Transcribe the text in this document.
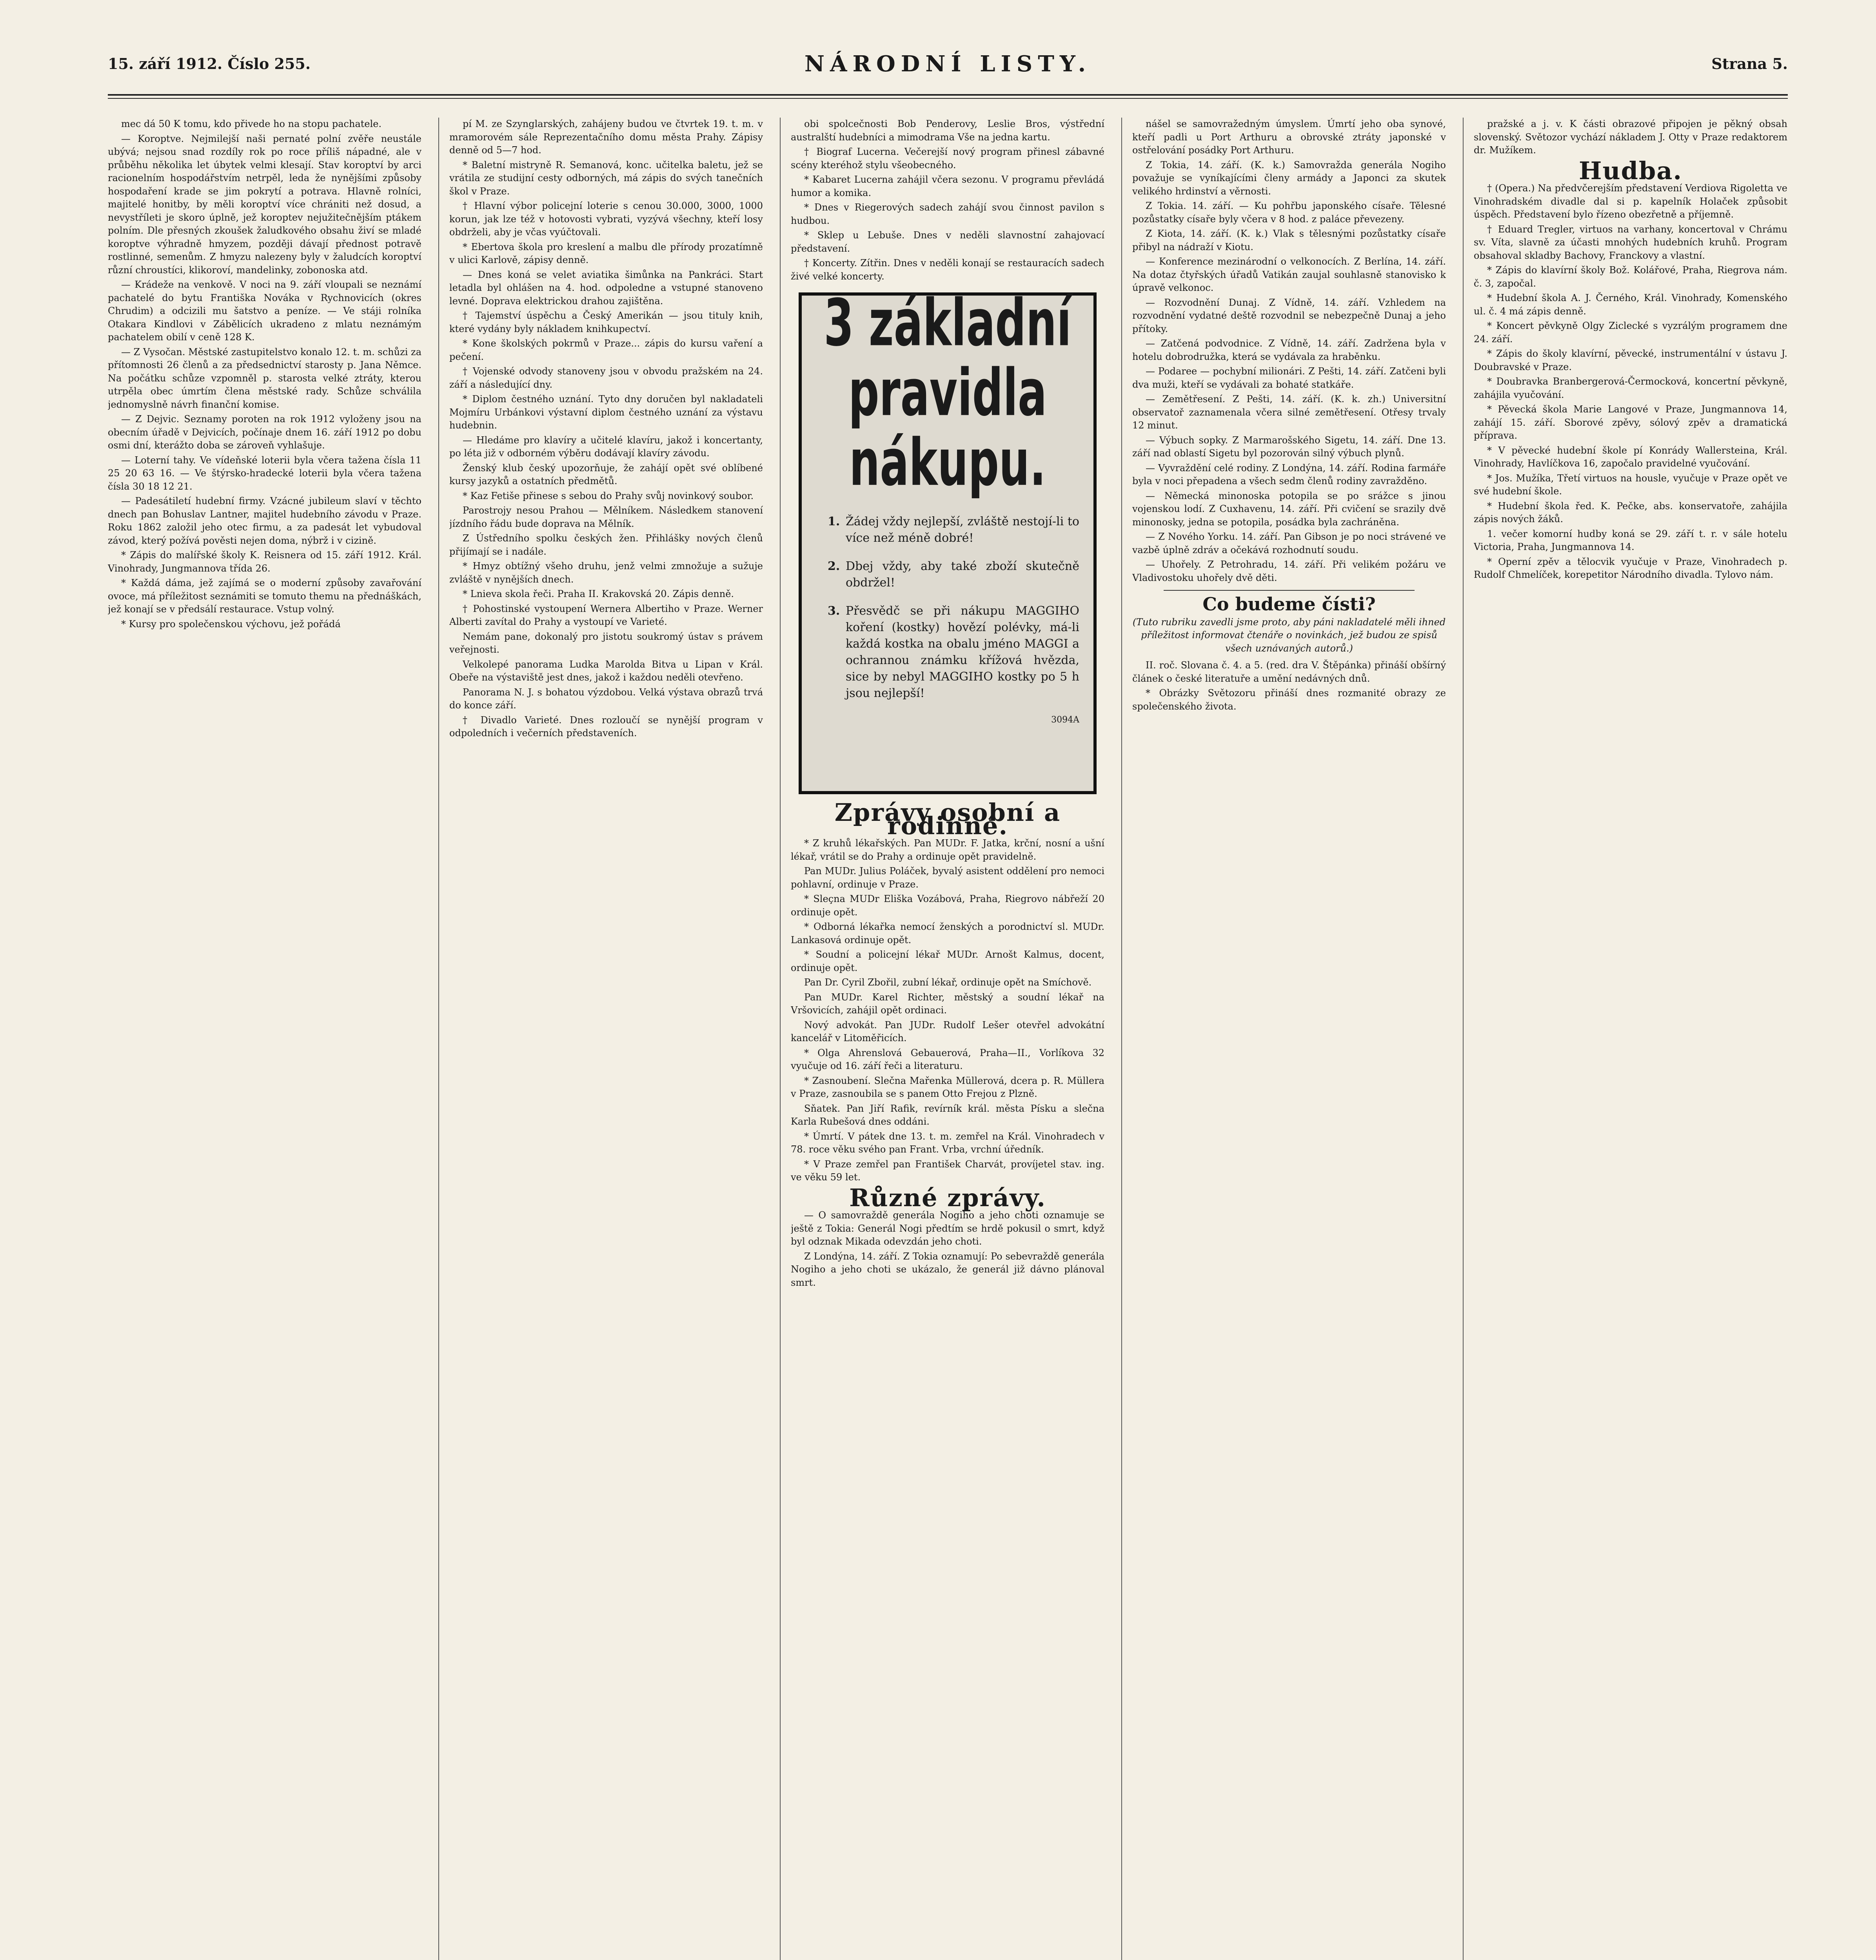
15. září 1912. Číslo 255.	NÁRODNÍ LISTY.	Strana 5.

mec dá 50 K tomu, kdo přivede ho na stopu pachatele.

— Koroptve. Nejmilejší naši pernaté polní zvěře neustále ubývá; nejsou snad rozdíly rok po roce příliš nápadné, ale v průběhu několika let úbytek velmi klesají. Stav koroptví by arci racionelním hospodářstvím netrpěl, leda že nynějšími způsoby hospodaření krade se jim pokrytí a potrava. Hlavně rolníci, majitelé honitby, by měli koroptví více chrániti než dosud, a nevystříleti je skoro úplně, jež koroptev nejužitečnějším ptákem polním. Dle přesných zkoušek žaludkového obsahu živí se mladé koroptve výhradně hmyzem, později dávají přednost potravě rostlinné, semenům. Z hmyzu nalezeny byly v žaludcích koroptví různí chroustíci, klikoroví, mandelinky, zobonoska atd.

— Krádeže na venkově. V noci na 9. září vloupali se neznámí pachatelé do bytu Františka Nováka v Rychnovicích (okres Chrudim) a odcizili mu šatstvo a peníze. — Ve stáji rolníka Otakara Kindlovi v Zábělicích ukradeno z mlatu neznámým pachatelem obilí v ceně 128 K.

— Z Vysočan. Městské zastupitelstvo konalo 12. t. m. schůzi za přítomnosti 26 členů a za předsednictví starosty p. Jana Němce. Na počátku schůze vzpomněl p. starosta velké ztráty, kterou utrpěla obec úmrtím člena městské rady. Schůze schválila jednomyslně návrh finanční komise.

— Z Dejvic. Seznamy poroten na rok 1912 vyloženy jsou na obecním úřadě v Dejvicích, počínaje dnem 16. září 1912 po dobu osmi dní, kterážto doba se zároveň vyhlašuje.

— Loterní tahy. Ve vídeňské loterii byla včera tažena čísla 11 25 20 63 16. — Ve štýrsko-hradecké loterii byla včera tažena čísla 30 18 12 21.

— Padesátiletí hudební firmy. Vzácné jubileum slaví v těchto dnech pan Bohuslav Lantner, majitel hudebního závodu v Praze. Roku 1862 založil jeho otec firmu, a za padesát let vybudoval závod, který požívá pověsti nejen doma, nýbrž i v cizině.

* Zápis do malířské školy K. Reisnera od 15. září 1912. Král. Vinohrady, Jungmannova třída 26.

* Každá dáma, jež zajímá se o moderní způsoby zavařování ovoce, má příležitost seznámiti se tomuto themu na přednáškách, jež konají se v předsálí restaurace. Vstup volný.

* Kursy pro společenskou výchovu, jež pořádá

pí M. ze Szynglarských, zahájeny budou ve čtvrtek 19. t. m. v mramorovém sále Reprezentačního domu města Prahy. Zápisy denně od 5—7 hod.

* Baletní mistryně R. Semanová, konc. učitelka baletu, jež se vrátila ze studijní cesty odborných, má zápis do svých tanečních škol v Praze.

† Hlavní výbor policejní loterie s cenou 30.000, 3000, 1000 korun, jak lze též v hotovosti vybrati, vyzývá všechny, kteří losy obdrželi, aby je včas vyúčtovali.

* Ebertova škola pro kreslení a malbu dle přírody prozatímně v ulici Karlově, zápisy denně.

— Dnes koná se velet aviatika šimůnka na Pankráci. Start letadla byl ohlášen na 4. hod. odpoledne a vstupné stanoveno levné. Doprava elektrickou drahou zajištěna.

† Tajemství úspěchu a Český Amerikán — jsou tituly knih, které vydány byly nákladem knihkupectví.

* Kone školských pokrmů v Praze... zápis do kursu vaření a pečení.

† Vojenské odvody stanoveny jsou v obvodu pražském na 24. září a následující dny.

* Diplom čestného uznání. Tyto dny doručen byl nakladateli Mojmíru Urbánkovi výstavní diplom čestného uznání za výstavu hudebnin.

— Hledáme pro klavíry a učitelé klavíru, jakož i koncertanty, po léta již v odborném výběru dodávají klavíry závodu.

Ženský klub český upozorňuje, že zahájí opět své oblíbené kursy jazyků a ostatních předmětů.

* Kaz Fetiše přinese s sebou do Prahy svůj novinkový soubor.

Parostrojy nesou Prahou — Mělníkem. Následkem stanovení jízdního řádu bude doprava na Mělník.

Z Ústředního spolku českých žen. Přihlášky nových členů přijímají se i nadále.

* Hmyz obtížný všeho druhu, jenž velmi zmnožuje a sužuje zvláště v nynějších dnech.

* Lnieva skola řeči. Praha II. Krakovská 20. Zápis denně.

† Pohostinské vystoupení Wernera Albertiho v Praze. Werner Alberti zavítal do Prahy a vystoupí ve Varieté.

Nemám pane, dokonalý pro jistotu soukromý ústav s právem veřejnosti.

Velkolepé panorama Ludka Marolda Bitva u Lipan v Král. Obeře na výstaviště jest dnes, jakož i každou neděli otevřeno.

Panorama N. J. s bohatou výzdobou. Velká výstava obrazů trvá do konce září.

† Divadlo Varieté. Dnes rozloučí se nynější program v odpoledních i večerních představeních.

obi spolcečnosti Bob Penderovy, Leslie Bros, výstřední australští hudebníci a mimodrama Vše na jedna kartu.

† Biograf Lucerna. Večerejší nový program přinesl zábavné scény kteréhož stylu všeobecného.

* Kabaret Lucerna zahájil včera sezonu. V programu převládá humor a komika.

* Dnes v Riegerových sadech zahájí svou činnost pavilon s hudbou.

* Sklep u Lebuše. Dnes v neděli slavnostní zahajovací představení.

† Koncerty. Zítřin. Dnes v neděli konají se restauracích sadech živé velké koncerty.

3 základní pravidla nákupu.
1. Žádej vždy nejlepší, zvláště nestojí-li to více než méně dobré!
2. Dbej vždy, aby také zboží skutečně obdržel!
3. Přesvědč se při nákupu MAGGIHO koření (kostky) hovězí polévky, má-li každá kostka na obalu jméno MAGGI a ochrannou známku křížová hvězda, sice by nebyl MAGGIHO kostky po 5 h jsou nejlepší!
3094A
Zprávy osobní a rodinné.

* Z kruhů lékařských. Pan MUDr. F. Jatka, krční, nosní a ušní lékař, vrátil se do Prahy a ordinuje opět pravidelně.

Pan MUDr. Julius Poláček, byvalý asistent oddělení pro nemoci pohlavní, ordinuje v Praze.

* Sleçna MUDr Eliška Vozábová, Praha, Riegrovo nábřeží 20 ordinuje opět.

* Odborná lékařka nemocí ženských a porodnictví sl. MUDr. Lankasová ordinuje opět.

* Soudní a policejní lékař MUDr. Arnošt Kalmus, docent, ordinuje opět.

Pan Dr. Cyril Zbořil, zubní lékař, ordinuje opět na Smíchově.

Pan MUDr. Karel Richter, městský a soudní lékař na Vršovicích, zahájil opět ordinaci.

Nový advokát. Pan JUDr. Rudolf Lešer otevřel advokátní kancelář v Litoměřicích.

* Olga Ahrenslová Gebauerová, Praha—II., Vorlíkova 32 vyučuje od 16. září řeči a literaturu.

* Zasnoubení. Slečna Mařenka Müllerová, dcera p. R. Müllera v Praze, zasnoubila se s panem Otto Frejou z Plzně.

Sňatek. Pan Jiří Rafik, revírník král. města Písku a slečna Karla Rubešová dnes oddáni.

* Úmrtí. V pátek dne 13. t. m. zemřel na Král. Vinohradech v 78. roce věku svého pan Frant. Vrba, vrchní úředník.

* V Praze zemřel pan František Charvát, províjetel stav. ing. ve věku 59 let.

Různé zprávy.

— O samovraždě generála Nogiho a jeho choti oznamuje se ještě z Tokia: Generál Nogi předtím se hrdě pokusil o smrt, když byl odznak Mikada odevzdán jeho choti.

Z Londýna, 14. září. Z Tokia oznamují: Po sebevraždě generála Nogiho a jeho choti se ukázalo, že generál již dávno plánoval smrt.

nášel se samovražedným úmyslem. Úmrtí jeho oba synové, kteří padli u Port Arthuru a obrovské ztráty japonské v ostřelování posádky Port Arthuru.

Z Tokia, 14. září. (K. k.) Samovražda generála Nogiho považuje se vyníkajícími členy armády a Japonci za skutek velikého hrdinství a věrnosti.

Z Tokia. 14. září. — Ku pohřbu japonského císaře. Tělesné pozůstatky císaře byly včera v 8 hod. z paláce převezeny.

Z Kiota, 14. září. (K. k.) Vlak s tělesnými pozůstatky císaře přibyl na nádraží v Kiotu.

— Konference mezinárodní o velkonocích. Z Berlína, 14. září. Na dotaz čtyřských úřadů Vatikán zaujal souhlasně stanovisko k úpravě velkonoc.

— Rozvodnění Dunaj. Z Vídně, 14. září. Vzhledem na rozvodnění vydatné deště rozvodnil se nebezpečně Dunaj a jeho přítoky.

— Zatčená podvodnice. Z Vídně, 14. září. Zadržena byla v hotelu dobrodružka, která se vydávala za hraběnku.

— Podaree — pochybní milionári. Z Pešti, 14. září. Zatčeni byli dva muži, kteří se vydávali za bohaté statkáře.

— Zemětřesení. Z Pešti, 14. září. (K. k. zh.) Universitní observatoř zaznamenala včera silné zemětřesení. Otřesy trvaly 12 minut.

— Výbuch sopky. Z Marmarošského Sigetu, 14. září. Dne 13. září nad oblastí Sigetu byl pozorován silný výbuch plynů.

— Vyvraždění celé rodiny. Z Londýna, 14. září. Rodina farmáře byla v noci přepadena a všech sedm členů rodiny zavražděno.

— Německá minonoska potopila se po srážce s jinou vojenskou lodí. Z Cuxhavenu, 14. září. Při cvičení se srazily dvě minonosky, jedna se potopila, posádka byla zachráněna.

— Z Nového Yorku. 14. září. Pan Gibson je po noci strávené ve vazbě úplně zdráv a očekává rozhodnutí soudu.

— Uhořely. Z Petrohradu, 14. září. Při velikém požáru ve Vladivostoku uhořely dvě děti.

Co budeme čísti?
(Tuto rubriku zavedli jsme proto, aby páni nakladatelé měli ihned příležitost informovat čtenáře o novinkách, jež budou ze spisů všech uznávaných autorů.)

II. roč. Slovana č. 4. a 5. (red. dra V. Štěpánka) přináší obšírný článek o české literatuře a umění nedávných dnů.

* Obrázky Světozoru přináší dnes rozmanité obrazy ze společenského života.

pražské a j. v. K části obrazové připojen je pěkný obsah slovenský. Světozor vychází nákladem J. Otty v Praze redaktorem dr. Mužíkem.

Hudba.

† (Opera.) Na předvčerejším představení Verdiova Rigoletta ve Vinohradském divadle dal si p. kapelník Holaček způsobit úspěch. Představení bylo řízeno obezřetně a příjemně.

† Eduard Tregler, virtuos na varhany, koncertoval v Chrámu sv. Víta, slavně za účasti mnohých hudebních kruhů. Program obsahoval skladby Bachovy, Franckovy a vlastní.

* Zápis do klavírní školy Bož. Kolářové, Praha, Riegrova nám. č. 3, započal.

* Hudební škola A. J. Černého, Král. Vinohrady, Komenského ul. č. 4 má zápis denně.

* Koncert pěvkyně Olgy Ziclecké s vyzrálým programem dne 24. září.

* Zápis do školy klavírní, pěvecké, instrumentální v ústavu J. Doubravské v Praze.

* Doubravka Branbergerová-Čermocková, koncertní pěvkyně, zahájila vyučování.

* Pěvecká škola Marie Langové v Praze, Jungmannova 14, zahájí 15. září. Sborové zpěvy, sólový zpěv a dramatická příprava.

* V pěvecké hudební škole pí Konrády Wallersteina, Král. Vinohrady, Havlíčkova 16, započalo pravidelné vyučování.

* Jos. Mužíka, Třetí virtuos na housle, vyučuje v Praze opět ve své hudební škole.

* Hudební škola řed. K. Pečke, abs. konservatoře, zahájila zápis nových žáků.

1. večer komorní hudby koná se 29. září t. r. v sále hotelu Victoria, Praha, Jungmannova 14.

* Operní zpěv a tělocvik vyučuje v Praze, Vinohradech p. Rudolf Chmelíček, korepetitor Národního divadla. Tylovo nám.
